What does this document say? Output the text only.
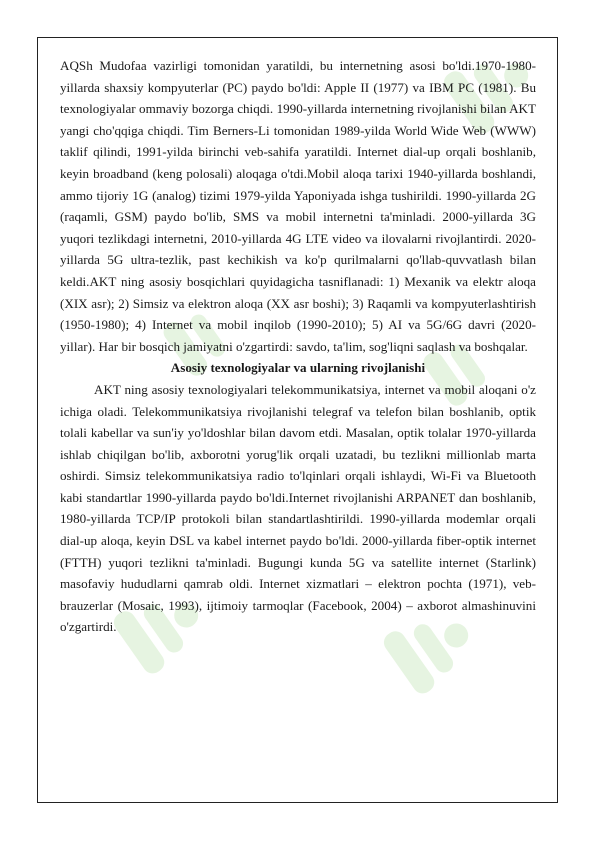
AQSh Mudofaa vazirligi tomonidan yaratildi, bu internetning asosi bo'ldi.1970-1980-yillarda shaxsiy kompyuterlar (PC) paydo bo'ldi: Apple II (1977) va IBM PC (1981). Bu texnologiyalar ommaviy bozorga chiqdi. 1990-yillarda internetning rivojlanishi bilan AKT yangi cho'qqiga chiqdi. Tim Berners-Li tomonidan 1989-yilda World Wide Web (WWW) taklif qilindi, 1991-yilda birinchi veb-sahifa yaratildi. Internet dial-up orqali boshlanib, keyin broadband (keng polosali) aloqaga o'tdi.Mobil aloqa tarixi 1940-yillarda boshlandi, ammo tijoriy 1G (analog) tizimi 1979-yilda Yaponiyada ishga tushirildi. 1990-yillarda 2G (raqamli, GSM) paydo bo'lib, SMS va mobil internetni ta'minladi. 2000-yillarda 3G yuqori tezlikdagi internetni, 2010-yillarda 4G LTE video va ilovalarni rivojlantirdi. 2020-yillarda 5G ultra-tezlik, past kechikish va ko'p qurilmalarni qo'llab-quvvatlash bilan keldi.AKT ning asosiy bosqichlari quyidagicha tasniflanadi: 1) Mexanik va elektr aloqa (XIX asr); 2) Simsiz va elektron aloqa (XX asr boshi); 3) Raqamli va kompyuterlashtirish (1950-1980); 4) Internet va mobil inqilob (1990-2010); 5) AI va 5G/6G davri (2020-yillar). Har bir bosqich jamiyatni o'zgartirdi: savdo, ta'lim, sog'liqni saqlash va boshqalar.

Asosiy texnologiyalar va ularning rivojlanishi

AKT ning asosiy texnologiyalari telekommunikatsiya, internet va mobil aloqani o'z ichiga oladi. Telekommunikatsiya rivojlanishi telegraf va telefon bilan boshlanib, optik tolali kabellar va sun'iy yo'ldoshlar bilan davom etdi. Masalan, optik tolalar 1970-yillarda ishlab chiqilgan bo'lib, axborotni yorug'lik orqali uzatadi, bu tezlikni millionlab marta oshirdi. Simsiz telekommunikatsiya radio to'lqinlari orqali ishlaydi, Wi-Fi va Bluetooth kabi standartlar 1990-yillarda paydo bo'ldi.Internet rivojlanishi ARPANET dan boshlanib, 1980-yillarda TCP/IP protokoli bilan standartlashtirildi. 1990-yillarda modemlar orqali dial-up aloqa, keyin DSL va kabel internet paydo bo'ldi. 2000-yillarda fiber-optik internet (FTTH) yuqori tezlikni ta'minladi. Bugungi kunda 5G va satellite internet (Starlink) masofaviy hududlarni qamrab oldi. Internet xizmatlari – elektron pochta (1971), veb-brauzerlar (Mosaic, 1993), ijtimoiy tarmoqlar (Facebook, 2004) – axborot almashinuvini o'zgartirdi.
